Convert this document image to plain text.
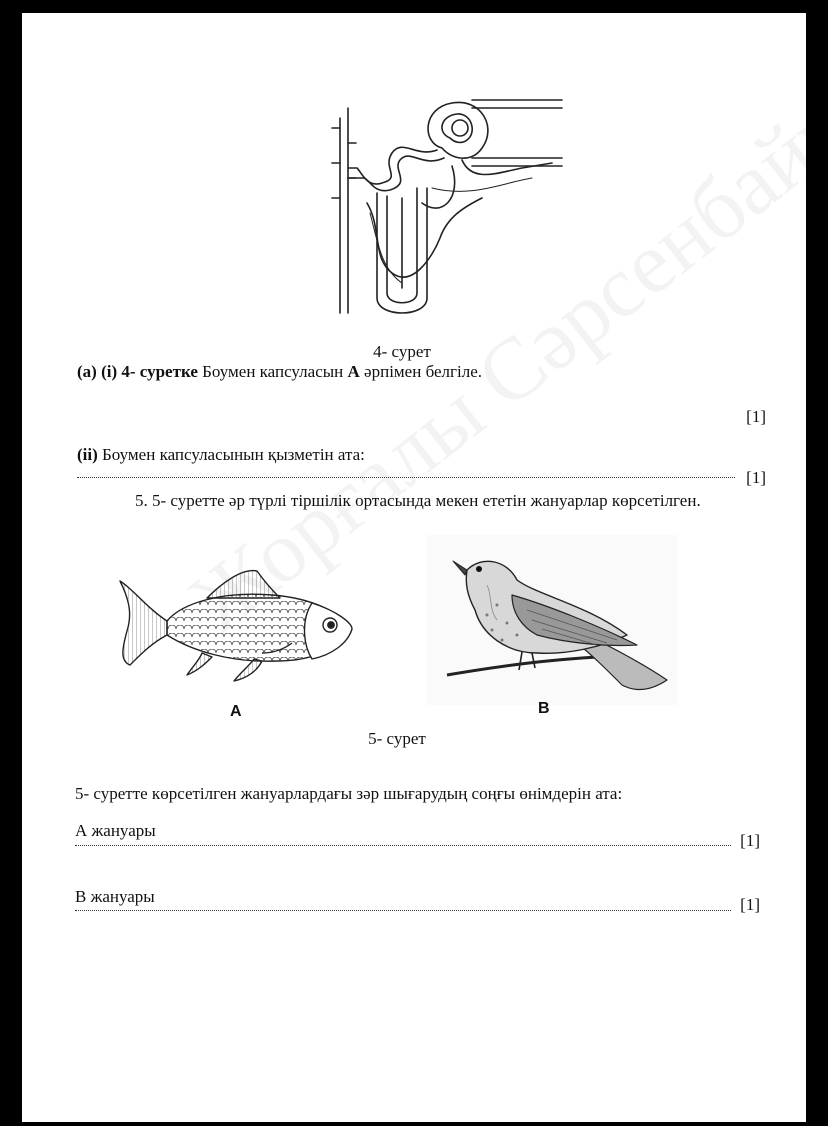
4- сурет
(a) (i) 4- суретке Боумен капсуласын A әрпімен белгіле.
[1]
(ii) Боумен капсуласынын қызметін ата:
[1]
5. 5- суретте әр түрлі тіршілік ортасында мекен ететін жануарлар көрсетілген.
A	B
5- сурет
5- суретте көрсетілген жануарлардағы зәр шығарудың соңғы өнімдерін ата:
А жануары
[1]
В жануары	[1]
